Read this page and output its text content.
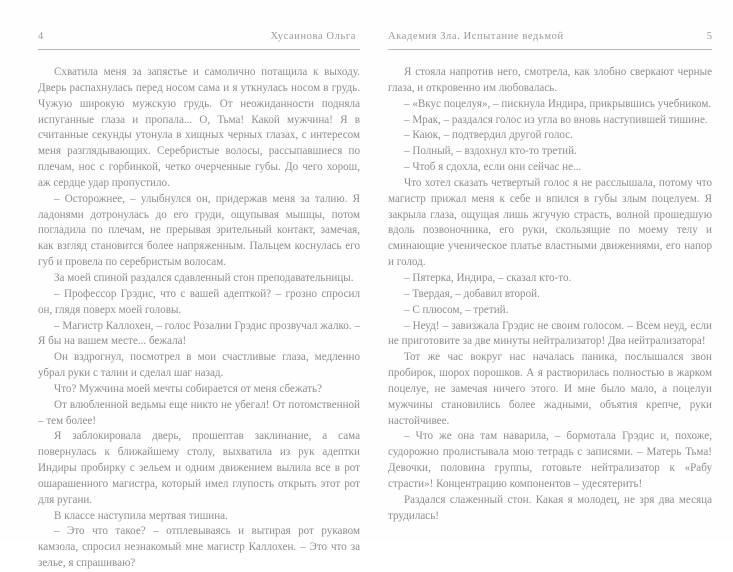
4	Хусаинова Ольга

Схватила меня за запястье и самолично потащила к выходу. Дверь распахнулась перед носом сама и я уткнулась носом в грудь. Чужую широкую мужскую грудь. От неожиданности подняла испуганные глаза и пропала... О, Тьма! Какой мужчина! Я в считанные секунды утонула в хищных черных глазах, с интересом меня разглядывающих. Серебристые волосы, рассыпавшиеся по плечам, нос с горбинкой, четко очерченные губы. До чего хорош, аж сердце удар пропустило.

– Осторожнее, – улыбнулся он, придержав меня за талию. Я ладонями дотронулась до его груди, ощупывая мышцы, потом погладила по плечам, не прерывая зрительный контакт, замечая, как взгляд становится более напряженным. Пальцем коснулась его губ и провела по серебристым волосам.

За моей спиной раздался сдавленный стон преподавательницы.

– Профессор Грэдис, что с вашей адепткой? – грозно спросил он, глядя поверх моей головы.

– Магистр Каллохен, – голос Розалии Грэдис прозвучал жалко. – Я бы на вашем месте... бежала!

Он вздрогнул, посмотрел в мои счастливые глаза, медленно убрал руки с талии и сделал шаг назад.

Что? Мужчина моей мечты собирается от меня сбежать?

От влюбленной ведьмы еще никто не убегал! От потомственной – тем более!

Я заблокировала дверь, прошептав заклинание, а сама повернулась к ближайшему столу, выхватила из рук адептки Индиры пробирку с зельем и одним движением вылила все в рот ошарашенного магистра, который имел глупость открыть этот рот для ругани.

В классе наступила мертвая тишина.

– Это что такое? – отплевываясь и вытирая рот рукавом камзола, спросил незнакомый мне магистр Каллохен. – Это что за зелье, я спрашиваю?

Академия Зла. Испытание ведьмой	5

Я стояла напротив него, смотрела, как злобно сверкают черные глаза, и откровенно им любовалась.

– «Вкус поцелуя», – пискнула Индира, прикрывшись учебником.

– Мрак, – раздался голос из угла во вновь наступившей тишине.

– Каюк, – подтвердил другой голос.

– Полный, – вздохнул кто-то третий.

– Чтоб я сдохла, если они сейчас не...

Что хотел сказать четвертый голос я не расслышала, потому что магистр прижал меня к себе и впился в губы злым поцелуем. Я закрыла глаза, ощущая лишь жгучую страсть, волной прошедшую вдоль позвоночника, его руки, скользящие по моему телу и сминающие ученическое платье властными движениями, его напор и голод.

– Пятерка, Индира, – сказал кто-то.

– Твердая, – добавил второй.

– С плюсом, – третий.

– Неуд! – завизжала Грэдис не своим голосом. – Всем неуд, если не приготовите за две минуты нейтрализатор! Два нейтрализатора!

Тот же час вокруг нас началась паника, послышался звон пробирок, шорох порошков. А я растворилась полностью в жарком поцелуе, не замечая ничего этого. И мне было мало, а поцелуи мужчины становились более жадными, объятия крепче, руки настойчивее.

– Что же она там наварила, – бормотала Грэдис и, похоже, судорожно пролистывала мою тетрадь с записями. – Матерь Тьма! Девочки, половина группы, готовьте нейтрализатор к «Рабу страсти»! Концентрацию компонентов – удесятерить!

Раздался слаженный стон. Какая я молодец, не зря два месяца трудилась!
